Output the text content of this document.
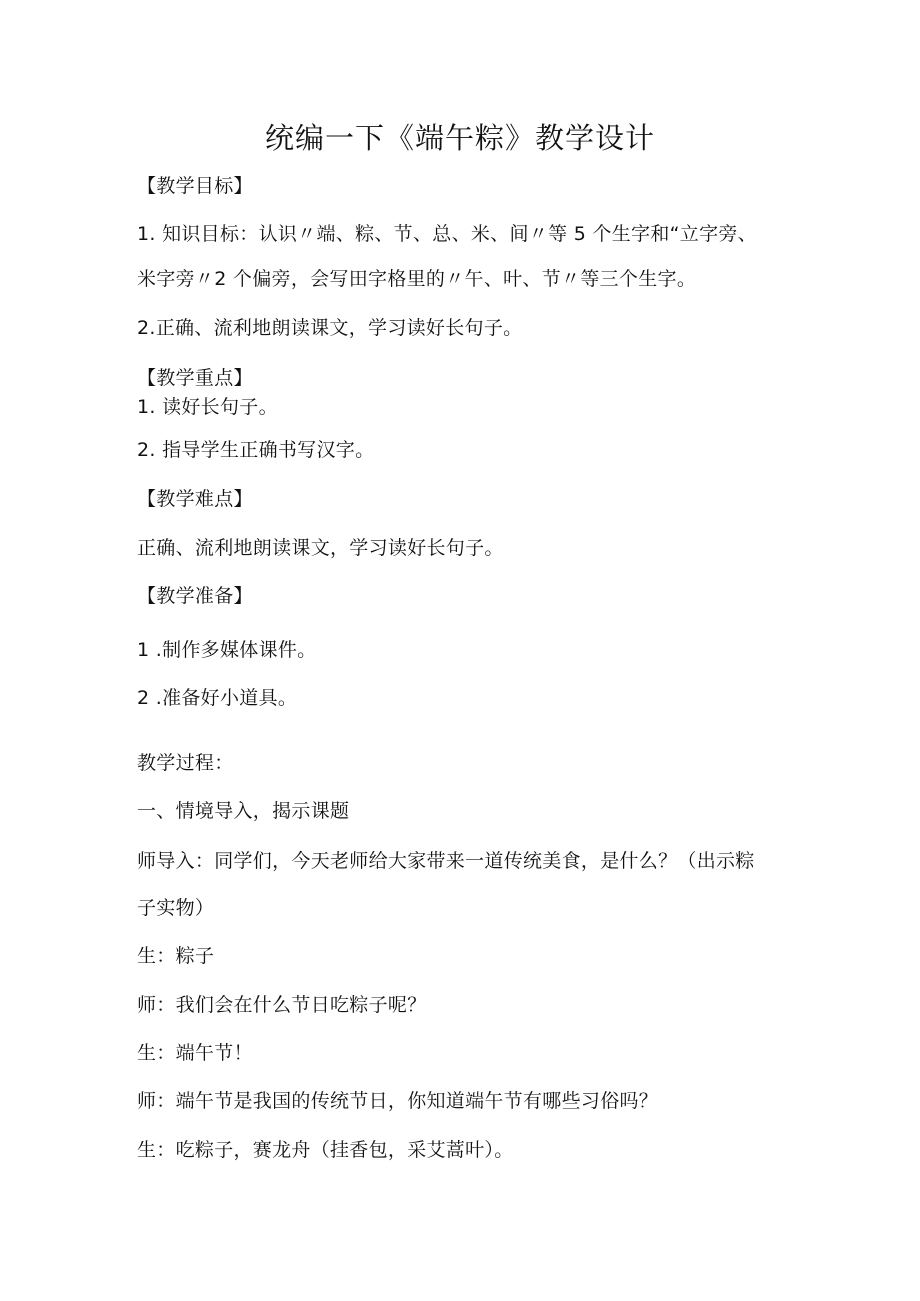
统编一下《端午粽》教学设计
【教学目标】
1. 知识目标：认识〃端、粽、节、总、米、间〃等 5 个生字和“立字旁、
米字旁〃2 个偏旁，会写田字格里的〃午、叶、节〃等三个生字。
2.正确、流利地朗读课文，学习读好长句子。
【教学重点】
1. 读好长句子。
2. 指导学生正确书写汉字。
【教学难点】
正确、流利地朗读课文，学习读好长句子。
【教学准备】
1 .制作多媒体课件。
2 .准备好小道具。
教学过程：
一、情境导入，揭示课题
师导入：同学们，今天老师给大家带来一道传统美食，是什么？（出示粽
子实物）
生：粽子
师：我们会在什么节日吃粽子呢？
生：端午节！
师：端午节是我国的传统节日，你知道端午节有哪些习俗吗？
生：吃粽子，赛龙舟（挂香包，采艾蒿叶）。
